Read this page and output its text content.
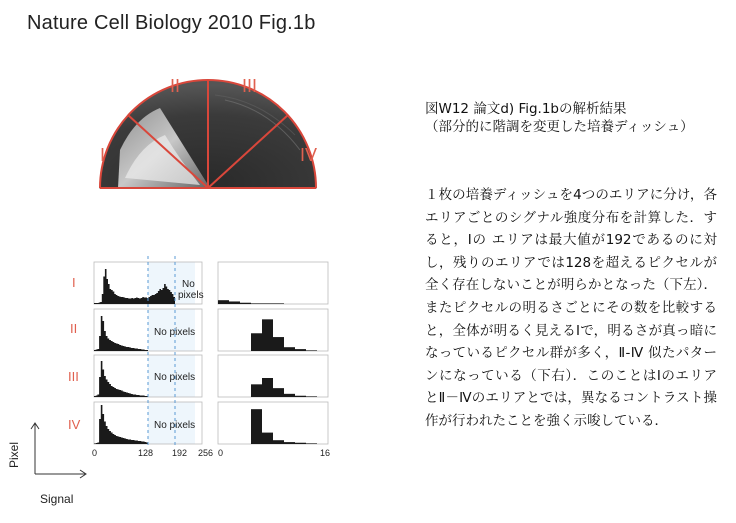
Nature Cell Biology 2010 Fig.1b
I
II	III
IV
I
II
III
IV
No
pixels
No pixels
No pixels
No pixels
0	128 192 256 0	16
Pixel
Signal
図W12 論文d) Fig.1bの解析結果
（部分的に階調を変更した培養ディッシュ）
１枚の培養ディッシュを4つのエリアに分け，各エリアごとのシグナル強度分布を計算した．すると，Ⅰの エリアは最大値が192であるのに対し，残りのエリアでは128を超えるピクセルが全く存在しないことが明らかとなった（下左）．またピクセルの明るさごとにその数を比較すると，全体が明るく見えるⅠで，明るさが真っ暗になっているピクセル群が多く，Ⅱ-Ⅳ 似たパターンになっている（下右）．このことはⅠのエリアとⅡ－Ⅳのエリアとでは，異なるコントラスト操作が行われたことを強く示唆している．
